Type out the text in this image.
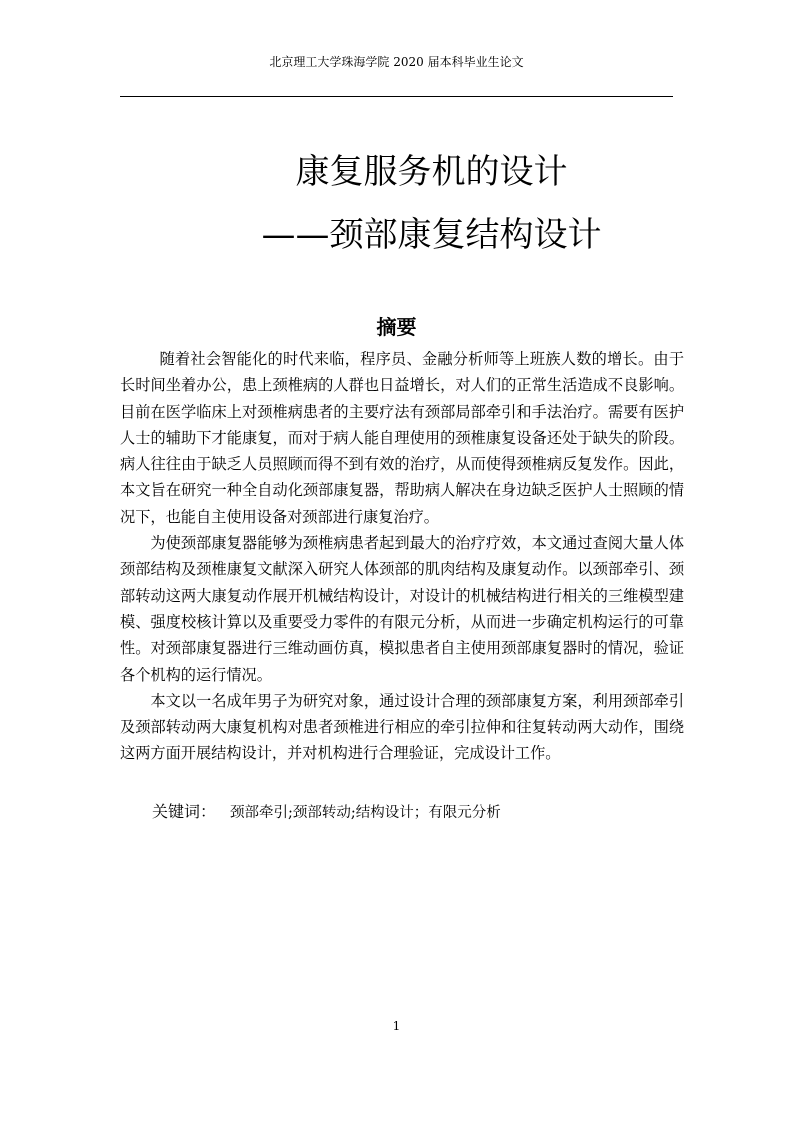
北京理工大学珠海学院 2020 届本科毕业生论文
康复服务机的设计
——颈部康复结构设计
摘要

随着社会智能化的时代来临，程序员、金融分析师等上班族人数的增长。由于长时间坐着办公，患上颈椎病的人群也日益增长，对人们的正常生活造成不良影响。目前在医学临床上对颈椎病患者的主要疗法有颈部局部牵引和手法治疗。需要有医护人士的辅助下才能康复，而对于病人能自理使用的颈椎康复设备还处于缺失的阶段。病人往往由于缺乏人员照顾而得不到有效的治疗，从而使得颈椎病反复发作。因此，本文旨在研究一种全自动化颈部康复器，帮助病人解决在身边缺乏医护人士照顾的情况下，也能自主使用设备对颈部进行康复治疗。

为使颈部康复器能够为颈椎病患者起到最大的治疗疗效，本文通过查阅大量人体颈部结构及颈椎康复文献深入研究人体颈部的肌肉结构及康复动作。以颈部牵引、颈部转动这两大康复动作展开机械结构设计，对设计的机械结构进行相关的三维模型建模、强度校核计算以及重要受力零件的有限元分析，从而进一步确定机构运行的可靠性。对颈部康复器进行三维动画仿真，模拟患者自主使用颈部康复器时的情况，验证各个机构的运行情况。

本文以一名成年男子为研究对象，通过设计合理的颈部康复方案，利用颈部牵引及颈部转动两大康复机构对患者颈椎进行相应的牵引拉伸和往复转动两大动作，围绕这两方面开展结构设计，并对机构进行合理验证，完成设计工作。

关键词： 颈部牵引;颈部转动;结构设计；有限元分析
1
